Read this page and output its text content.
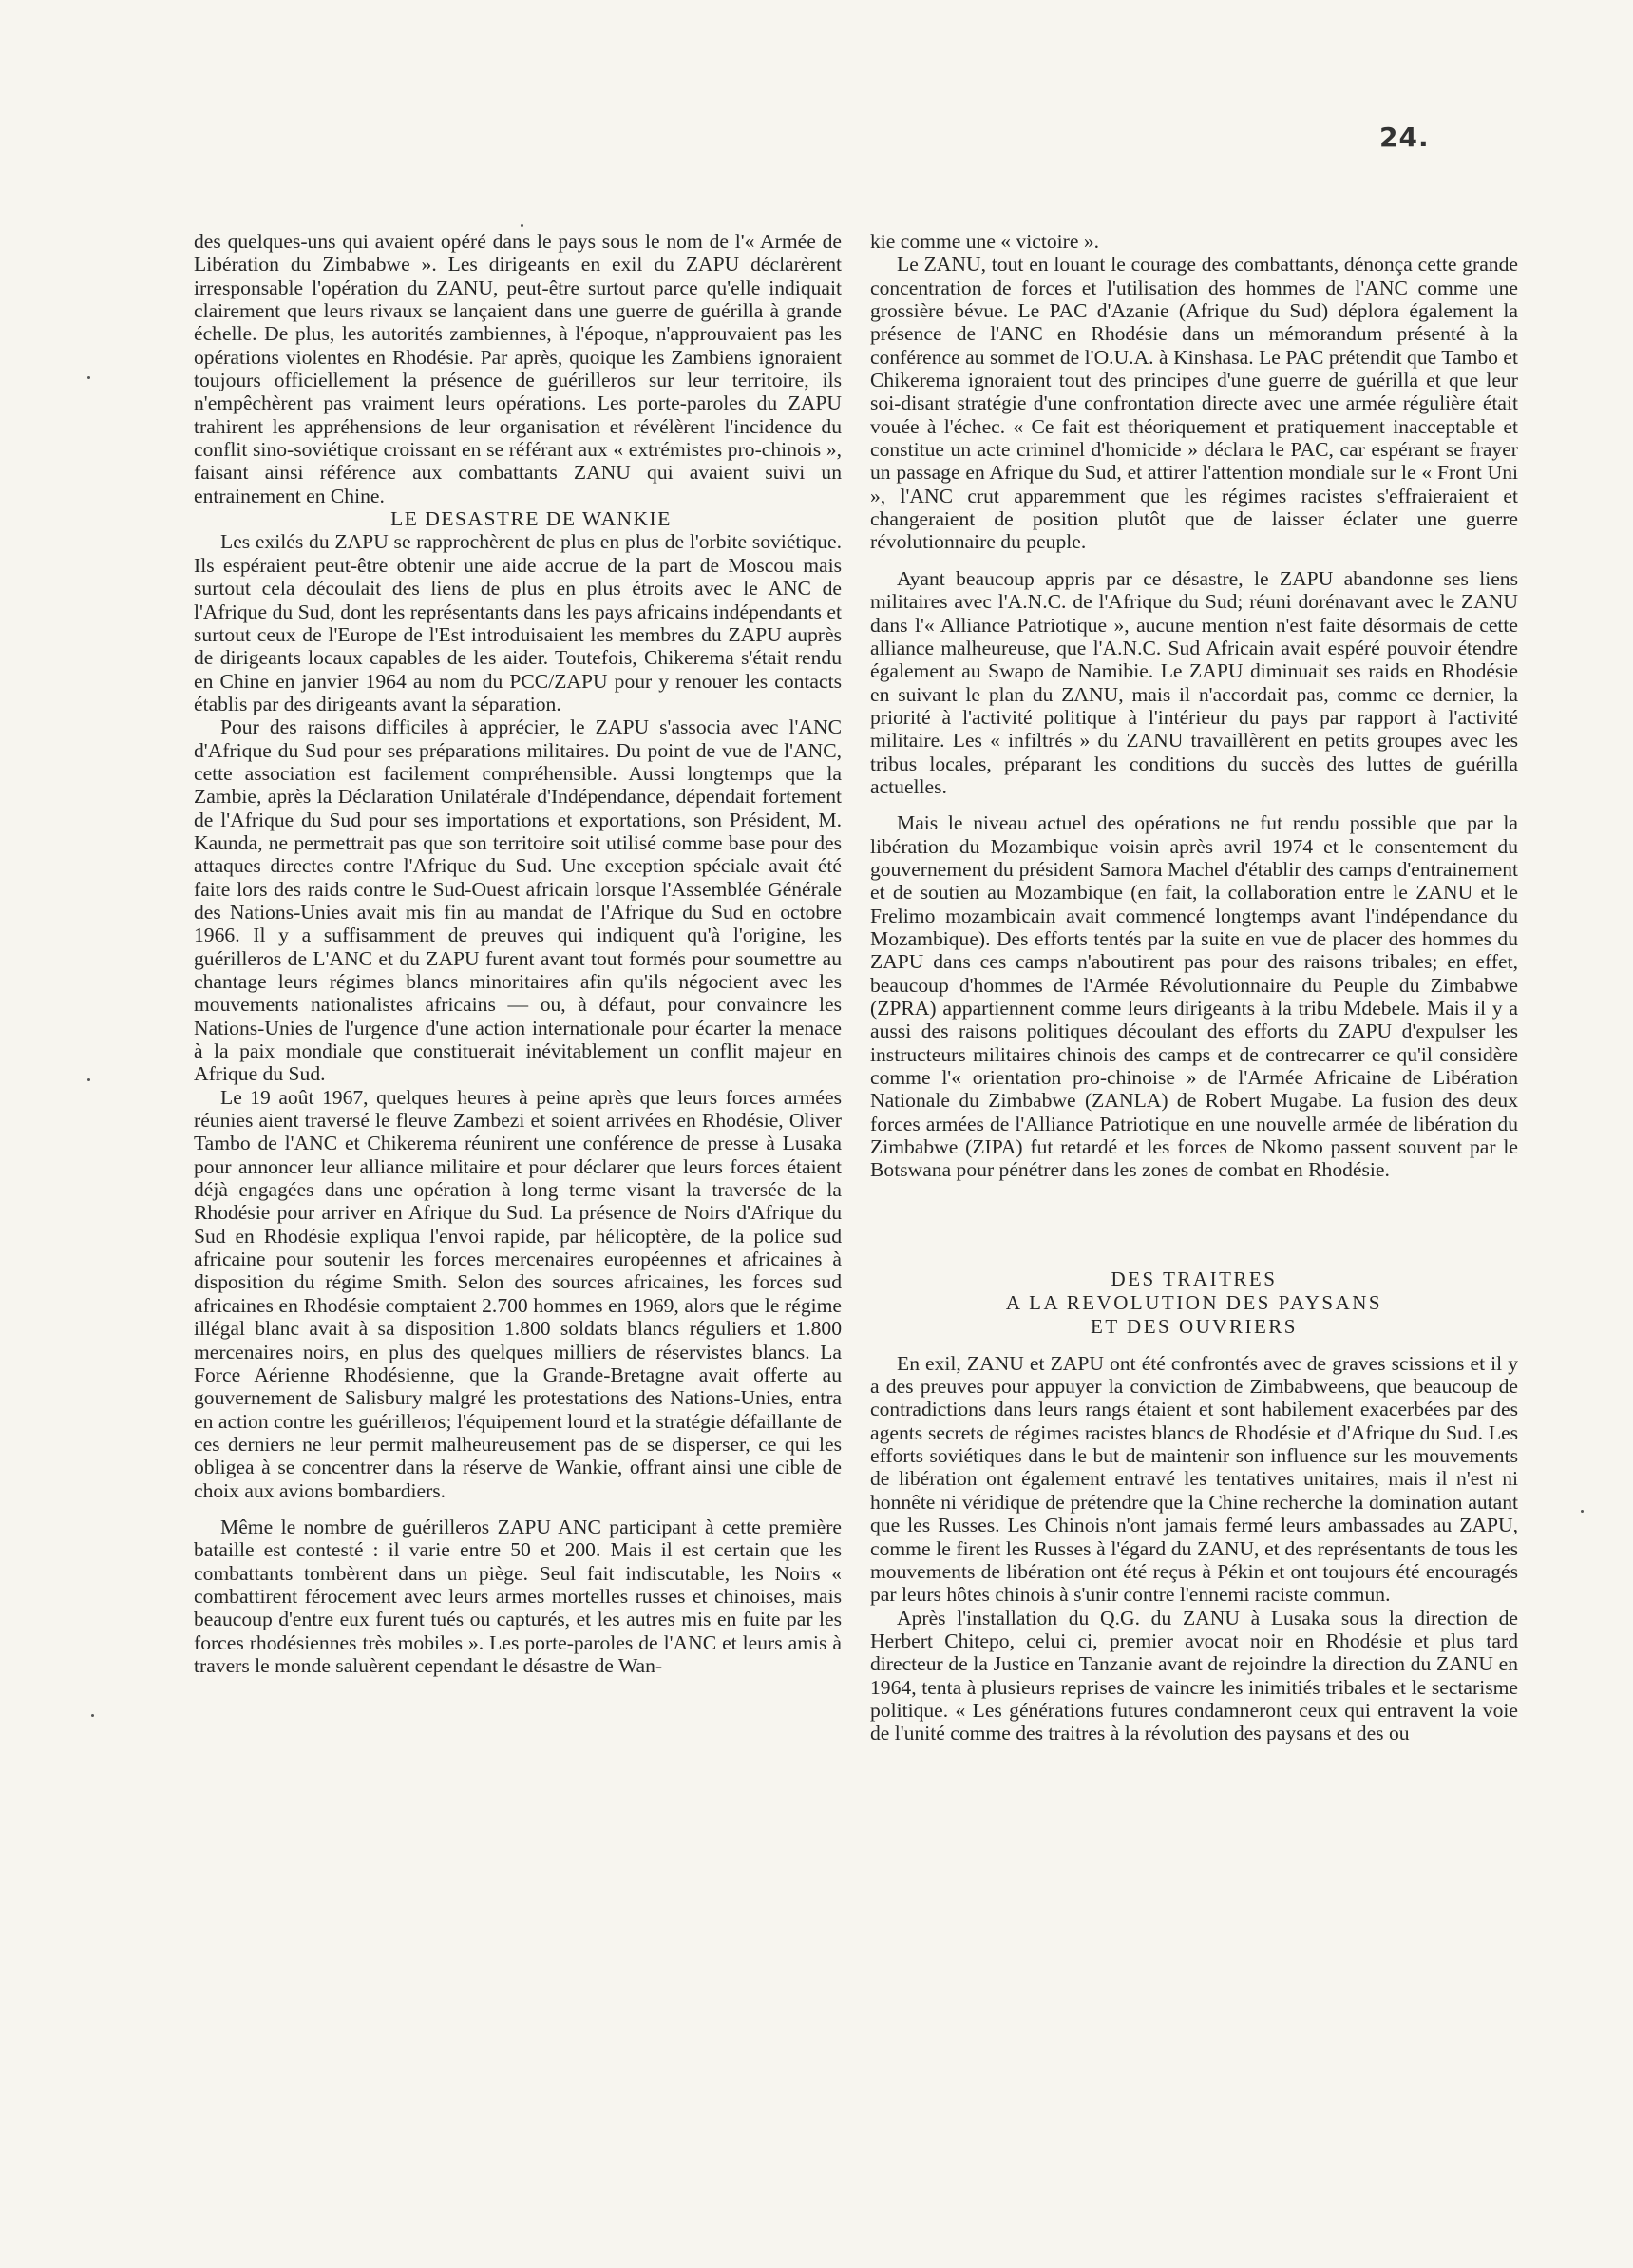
24.

des quelques-uns qui avaient opéré dans le pays sous le nom de l'« Armée de Libération du Zimbabwe ». Les dirigeants en exil du ZAPU déclarèrent irresponsable l'opération du ZANU, peut-être surtout parce qu'elle indiquait clairement que leurs rivaux se lançaient dans une guerre de guérilla à grande échelle. De plus, les autorités zambiennes, à l'époque, n'approuvaient pas les opérations violentes en Rhodésie. Par après, quoique les Zambiens ignoraient toujours officiellement la présence de guérilleros sur leur territoire, ils n'empêchèrent pas vraiment leurs opérations. Les porte-paroles du ZAPU trahirent les appréhensions de leur organisation et révélèrent l'incidence du conflit sino-soviétique croissant en se référant aux « extrémistes pro-chinois », faisant ainsi référence aux combattants ZANU qui avaient suivi un entrainement en Chine.

LE DESASTRE DE WANKIE

Les exilés du ZAPU se rapprochèrent de plus en plus de l'orbite soviétique. Ils espéraient peut-être obtenir une aide accrue de la part de Moscou mais surtout cela découlait des liens de plus en plus étroits avec le ANC de l'Afrique du Sud, dont les représentants dans les pays africains indépendants et surtout ceux de l'Europe de l'Est introduisaient les membres du ZAPU auprès de dirigeants locaux capables de les aider. Toutefois, Chikerema s'était rendu en Chine en janvier 1964 au nom du PCC/ZAPU pour y renouer les contacts établis par des dirigeants avant la séparation.

Pour des raisons difficiles à apprécier, le ZAPU s'associa avec l'ANC d'Afrique du Sud pour ses préparations militaires. Du point de vue de l'ANC, cette association est facilement compréhensible. Aussi longtemps que la Zambie, après la Déclaration Unilatérale d'Indépendance, dépendait fortement de l'Afrique du Sud pour ses importations et exportations, son Président, M. Kaunda, ne permettrait pas que son territoire soit utilisé comme base pour des attaques directes contre l'Afrique du Sud. Une exception spéciale avait été faite lors des raids contre le Sud-Ouest africain lorsque l'Assemblée Générale des Nations-Unies avait mis fin au mandat de l'Afrique du Sud en octobre 1966. Il y a suffisamment de preuves qui indiquent qu'à l'origine, les guérilleros de L'ANC et du ZAPU furent avant tout formés pour soumettre au chantage leurs régimes blancs minoritaires afin qu'ils négocient avec les mouvements nationalistes africains — ou, à défaut, pour convaincre les Nations-Unies de l'urgence d'une action internationale pour écarter la menace à la paix mondiale que constituerait inévitablement un conflit majeur en Afrique du Sud.

Le 19 août 1967, quelques heures à peine après que leurs forces armées réunies aient traversé le fleuve Zambezi et soient arrivées en Rhodésie, Oliver Tambo de l'ANC et Chikerema réunirent une conférence de presse à Lusaka pour annoncer leur alliance militaire et pour déclarer que leurs forces étaient déjà engagées dans une opération à long terme visant la traversée de la Rhodésie pour arriver en Afrique du Sud. La présence de Noirs d'Afrique du Sud en Rhodésie expliqua l'envoi rapide, par hélicoptère, de la police sud africaine pour soutenir les forces mercenaires européennes et africaines à disposition du régime Smith. Selon des sources africaines, les forces sud africaines en Rhodésie comptaient 2.700 hommes en 1969, alors que le régime illégal blanc avait à sa disposition 1.800 soldats blancs réguliers et 1.800 mercenaires noirs, en plus des quelques milliers de réservistes blancs. La Force Aérienne Rhodésienne, que la Grande-Bretagne avait offerte au gouvernement de Salisbury malgré les protestations des Nations-Unies, entra en action contre les guérilleros; l'équipement lourd et la stratégie défaillante de ces derniers ne leur permit malheureusement pas de se disperser, ce qui les obligea à se concentrer dans la réserve de Wankie, offrant ainsi une cible de choix aux avions bombardiers.

Même le nombre de guérilleros ZAPU ANC participant à cette première bataille est contesté : il varie entre 50 et 200. Mais il est certain que les combattants tombèrent dans un piège. Seul fait indiscutable, les Noirs « combattirent férocement avec leurs armes mortelles russes et chinoises, mais beaucoup d'entre eux furent tués ou capturés, et les autres mis en fuite par les forces rhodésiennes très mobiles ». Les porte-paroles de l'ANC et leurs amis à travers le monde saluèrent cependant le désastre de Wan-

kie comme une « victoire ».

Le ZANU, tout en louant le courage des combattants, dénonça cette grande concentration de forces et l'utilisation des hommes de l'ANC comme une grossière bévue. Le PAC d'Azanie (Afrique du Sud) déplora également la présence de l'ANC en Rhodésie dans un mémorandum présenté à la conférence au sommet de l'O.U.A. à Kinshasa. Le PAC prétendit que Tambo et Chikerema ignoraient tout des principes d'une guerre de guérilla et que leur soi-disant stratégie d'une confrontation directe avec une armée régulière était vouée à l'échec. « Ce fait est théoriquement et pratiquement inacceptable et constitue un acte criminel d'homicide » déclara le PAC, car espérant se frayer un passage en Afrique du Sud, et attirer l'attention mondiale sur le « Front Uni », l'ANC crut apparemment que les régimes racistes s'effraieraient et changeraient de position plutôt que de laisser éclater une guerre révolutionnaire du peuple.

Ayant beaucoup appris par ce désastre, le ZAPU abandonne ses liens militaires avec l'A.N.C. de l'Afrique du Sud; réuni dorénavant avec le ZANU dans l'« Alliance Patriotique », aucune mention n'est faite désormais de cette alliance malheureuse, que l'A.N.C. Sud Africain avait espéré pouvoir étendre également au Swapo de Namibie. Le ZAPU diminuait ses raids en Rhodésie en suivant le plan du ZANU, mais il n'accordait pas, comme ce dernier, la priorité à l'activité politique à l'intérieur du pays par rapport à l'activité militaire. Les « infiltrés » du ZANU travaillèrent en petits groupes avec les tribus locales, préparant les conditions du succès des luttes de guérilla actuelles.

Mais le niveau actuel des opérations ne fut rendu possible que par la libération du Mozambique voisin après avril 1974 et le consentement du gouvernement du président Samora Machel d'établir des camps d'entrainement et de soutien au Mozambique (en fait, la collaboration entre le ZANU et le Frelimo mozambicain avait commencé longtemps avant l'indépendance du Mozambique). Des efforts tentés par la suite en vue de placer des hommes du ZAPU dans ces camps n'aboutirent pas pour des raisons tribales; en effet, beaucoup d'hommes de l'Armée Révolutionnaire du Peuple du Zimbabwe (ZPRA) appartiennent comme leurs dirigeants à la tribu Mdebele. Mais il y a aussi des raisons politiques découlant des efforts du ZAPU d'expulser les instructeurs militaires chinois des camps et de contrecarrer ce qu'il considère comme l'« orientation pro-chinoise » de l'Armée Africaine de Libération Nationale du Zimbabwe (ZANLA) de Robert Mugabe. La fusion des deux forces armées de l'Alliance Patriotique en une nouvelle armée de libération du Zimbabwe (ZIPA) fut retardé et les forces de Nkomo passent souvent par le Botswana pour pénétrer dans les zones de combat en Rhodésie.

DES TRAITRES
A LA REVOLUTION DES PAYSANS
ET DES OUVRIERS

En exil, ZANU et ZAPU ont été confrontés avec de graves scissions et il y a des preuves pour appuyer la conviction de Zimbabweens, que beaucoup de contradictions dans leurs rangs étaient et sont habilement exacerbées par des agents secrets de régimes racistes blancs de Rhodésie et d'Afrique du Sud. Les efforts soviétiques dans le but de maintenir son influence sur les mouvements de libération ont également entravé les tentatives unitaires, mais il n'est ni honnête ni véridique de prétendre que la Chine recherche la domination autant que les Russes. Les Chinois n'ont jamais fermé leurs ambassades au ZAPU, comme le firent les Russes à l'égard du ZANU, et des représentants de tous les mouvements de libération ont été reçus à Pékin et ont toujours été encouragés par leurs hôtes chinois à s'unir contre l'ennemi raciste commun.

Après l'installation du Q.G. du ZANU à Lusaka sous la direction de Herbert Chitepo, celui ci, premier avocat noir en Rhodésie et plus tard directeur de la Justice en Tanzanie avant de rejoindre la direction du ZANU en 1964, tenta à plusieurs reprises de vaincre les inimitiés tribales et le sectarisme politique. « Les générations futures condamneront ceux qui entravent la voie de l'unité comme des traitres à la révolution des paysans et des ou
